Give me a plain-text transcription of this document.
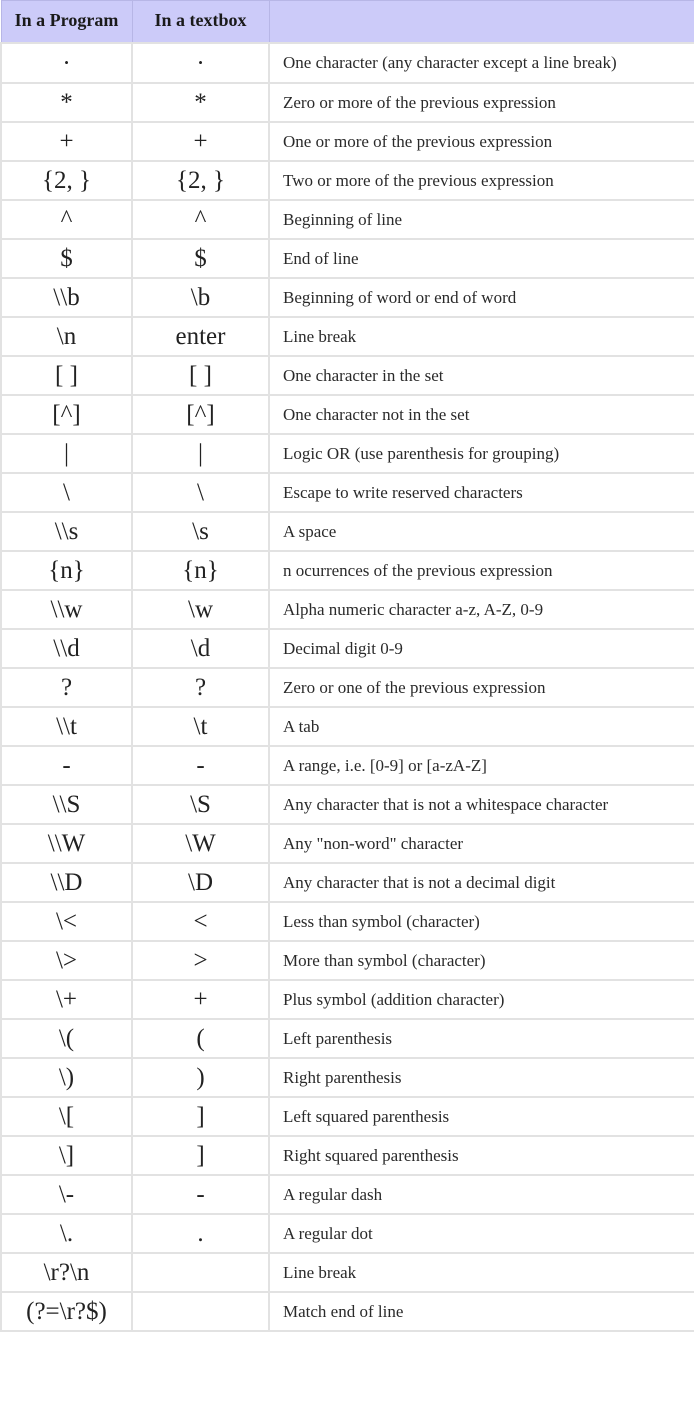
In a Program	In a textbox	
·	·	One character (any character except a line break)
*	*	Zero or more of the previous expression
+	+	One or more of the previous expression
{2, }	{2, }	Two or more of the previous expression
^	^	Beginning of line
$	$	End of line
\\b	\b	Beginning of word or end of word
\n	enter	Line break
[ ]	[ ]	One character in the set
[^]	[^]	One character not in the set
|	|	Logic OR (use parenthesis for grouping)
\	\	Escape to write reserved characters
\\s	\s	A space
{n}	{n}	n ocurrences of the previous expression
\\w	\w	Alpha numeric character a-z, A-Z, 0-9
\\d	\d	Decimal digit 0-9
?	?	Zero or one of the previous expression
\\t	\t	A tab
-	-	A range, i.e. [0-9] or [a-zA-Z]
\\S	\S	Any character that is not a whitespace character
\\W	\W	Any "non-word" character
\\D	\D	Any character that is not a decimal digit
\<	<	Less than symbol (character)
\>	>	More than symbol (character)
\+	+	Plus symbol (addition character)
\(	(	Left parenthesis
\)	)	Right parenthesis
\[	]	Left squared parenthesis
\]	]	Right squared parenthesis
\-	-	A regular dash
\.	.	A regular dot
\r?\n		Line break
(?=\r?$)		Match end of line
